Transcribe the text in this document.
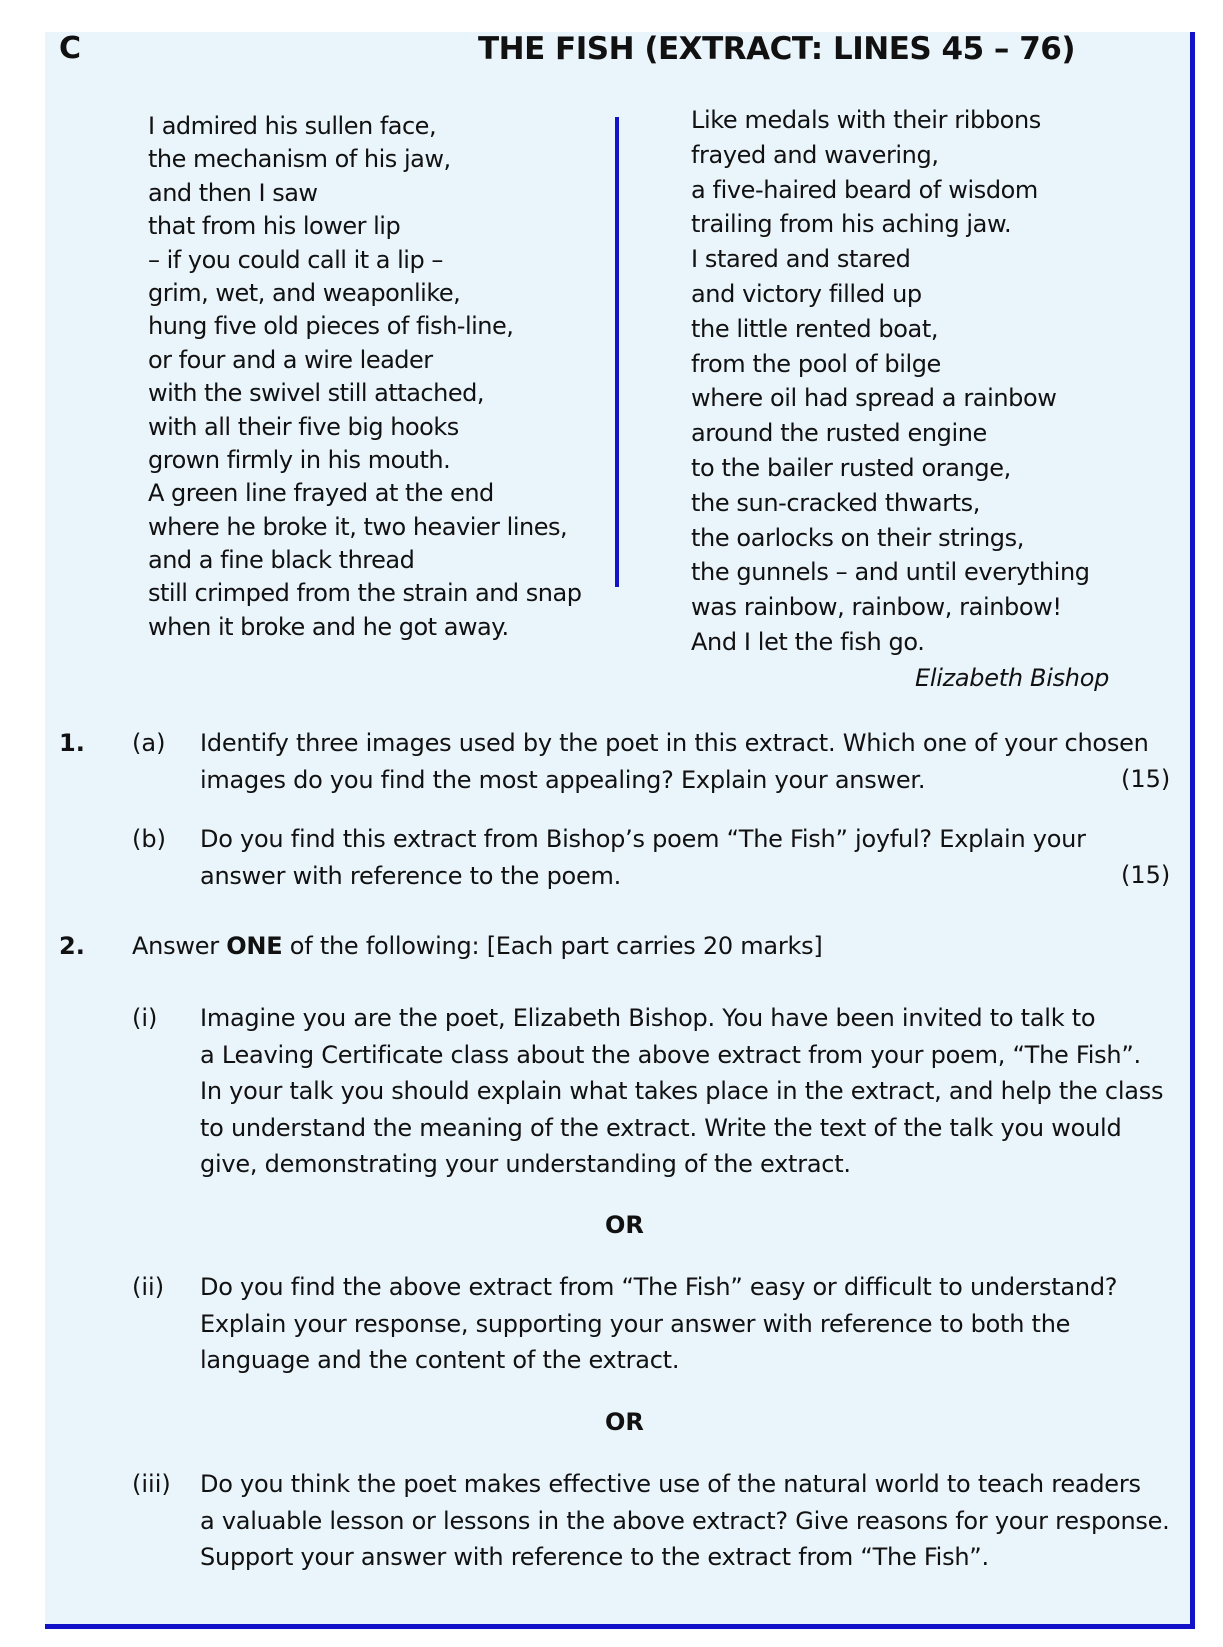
C	THE FISH (EXTRACT: LINES 45 – 76)
I admired his sullen face,
the mechanism of his jaw,
and then I saw
that from his lower lip
– if you could call it a lip –
grim, wet, and weaponlike,
hung five old pieces of fish-line,
or four and a wire leader
with the swivel still attached,
with all their five big hooks
grown firmly in his mouth.
A green line frayed at the end
where he broke it, two heavier lines,
and a fine black thread
still crimped from the strain and snap
when it broke and he got away.
Like medals with their ribbons
frayed and wavering,
a five-haired beard of wisdom
trailing from his aching jaw.
I stared and stared
and victory filled up
the little rented boat,
from the pool of bilge
where oil had spread a rainbow
around the rusted engine
to the bailer rusted orange,
the sun-cracked thwarts,
the oarlocks on their strings,
the gunnels – and until everything
was rainbow, rainbow, rainbow!
And I let the fish go.
Elizabeth Bishop
1. (a) Identify three images used by the poet in this extract. Which one of your chosen
images do you find the most appealing? Explain your answer.	(15)
(b) Do you find this extract from Bishop’s poem “The Fish” joyful? Explain your
answer with reference to the poem.	(15)
2. Answer ONE of the following: [Each part carries 20 marks]
(i) Imagine you are the poet, Elizabeth Bishop. You have been invited to talk to
a Leaving Certificate class about the above extract from your poem, “The Fish”.
In your talk you should explain what takes place in the extract, and help the class
to understand the meaning of the extract. Write the text of the talk you would
give, demonstrating your understanding of the extract.
OR
(ii) Do you find the above extract from “The Fish” easy or difficult to understand?
Explain your response, supporting your answer with reference to both the
language and the content of the extract.
OR
(iii) Do you think the poet makes effective use of the natural world to teach readers
a valuable lesson or lessons in the above extract? Give reasons for your response.
Support your answer with reference to the extract from “The Fish”.
